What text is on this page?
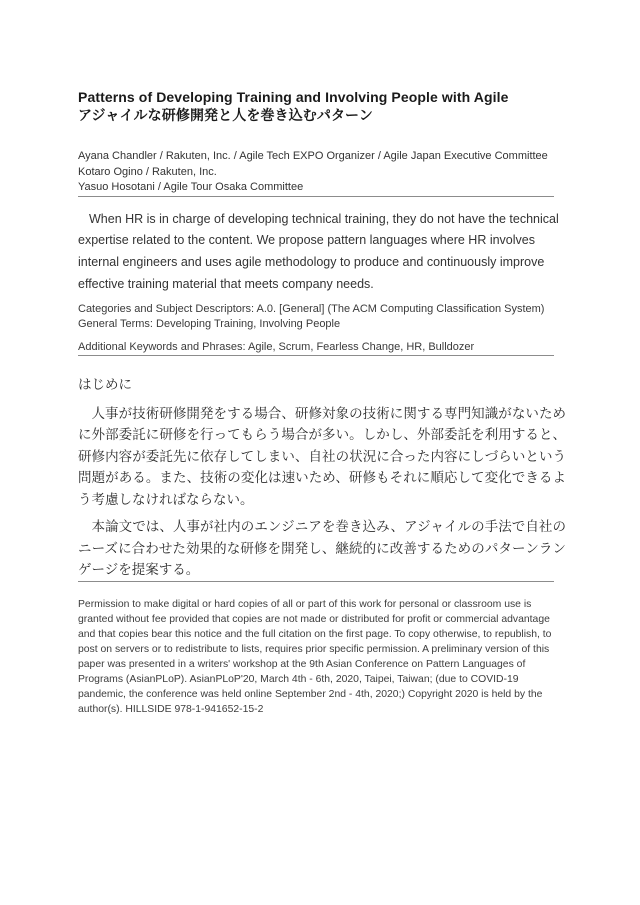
Patterns of Developing Training and Involving People with Agile
アジャイルな研修開発と人を巻き込むパターン
Ayana Chandler / Rakuten, Inc. / Agile Tech EXPO Organizer / Agile Japan Executive Committee
Kotaro Ogino / Rakuten, Inc.
Yasuo Hosotani / Agile Tour Osaka Committee

When HR is in charge of developing technical training, they do not have the technical expertise related to the content. We propose pattern languages where HR involves internal engineers and uses agile methodology to produce and continuously improve effective training material that meets company needs.

Categories and Subject Descriptors: A.0. [General] (The ACM Computing Classification System)
General Terms: Developing Training, Involving People
Additional Keywords and Phrases: Agile, Scrum, Fearless Change, HR, Bulldozer
はじめに

人事が技術研修開発をする場合、研修対象の技術に関する専門知識がないために外部委託に研修を行ってもらう場合が多い。しかし、外部委託を利用すると、研修内容が委託先に依存してしまい、自社の状況に合った内容にしづらいという問題がある。また、技術の変化は速いため、研修もそれに順応して変化できるよう考慮しなければならない。

本論文では、人事が社内のエンジニアを巻き込み、アジャイルの手法で自社のニーズに合わせた効果的な研修を開発し、継続的に改善するためのパターンランゲージを提案する。

Permission to make digital or hard copies of all or part of this work for personal or classroom use is granted without fee provided that copies are not made or distributed for profit or commercial advantage and that copies bear this notice and the full citation on the first page. To copy otherwise, to republish, to post on servers or to redistribute to lists, requires prior specific permission. A preliminary version of this paper was presented in a writers' workshop at the 9th Asian Conference on Pattern Languages of Programs (AsianPLoP). AsianPLoP'20, March 4th - 6th, 2020, Taipei, Taiwan; (due to COVID-19 pandemic, the conference was held online September 2nd - 4th, 2020;) Copyright 2020 is held by the author(s). HILLSIDE 978-1-941652-15-2
